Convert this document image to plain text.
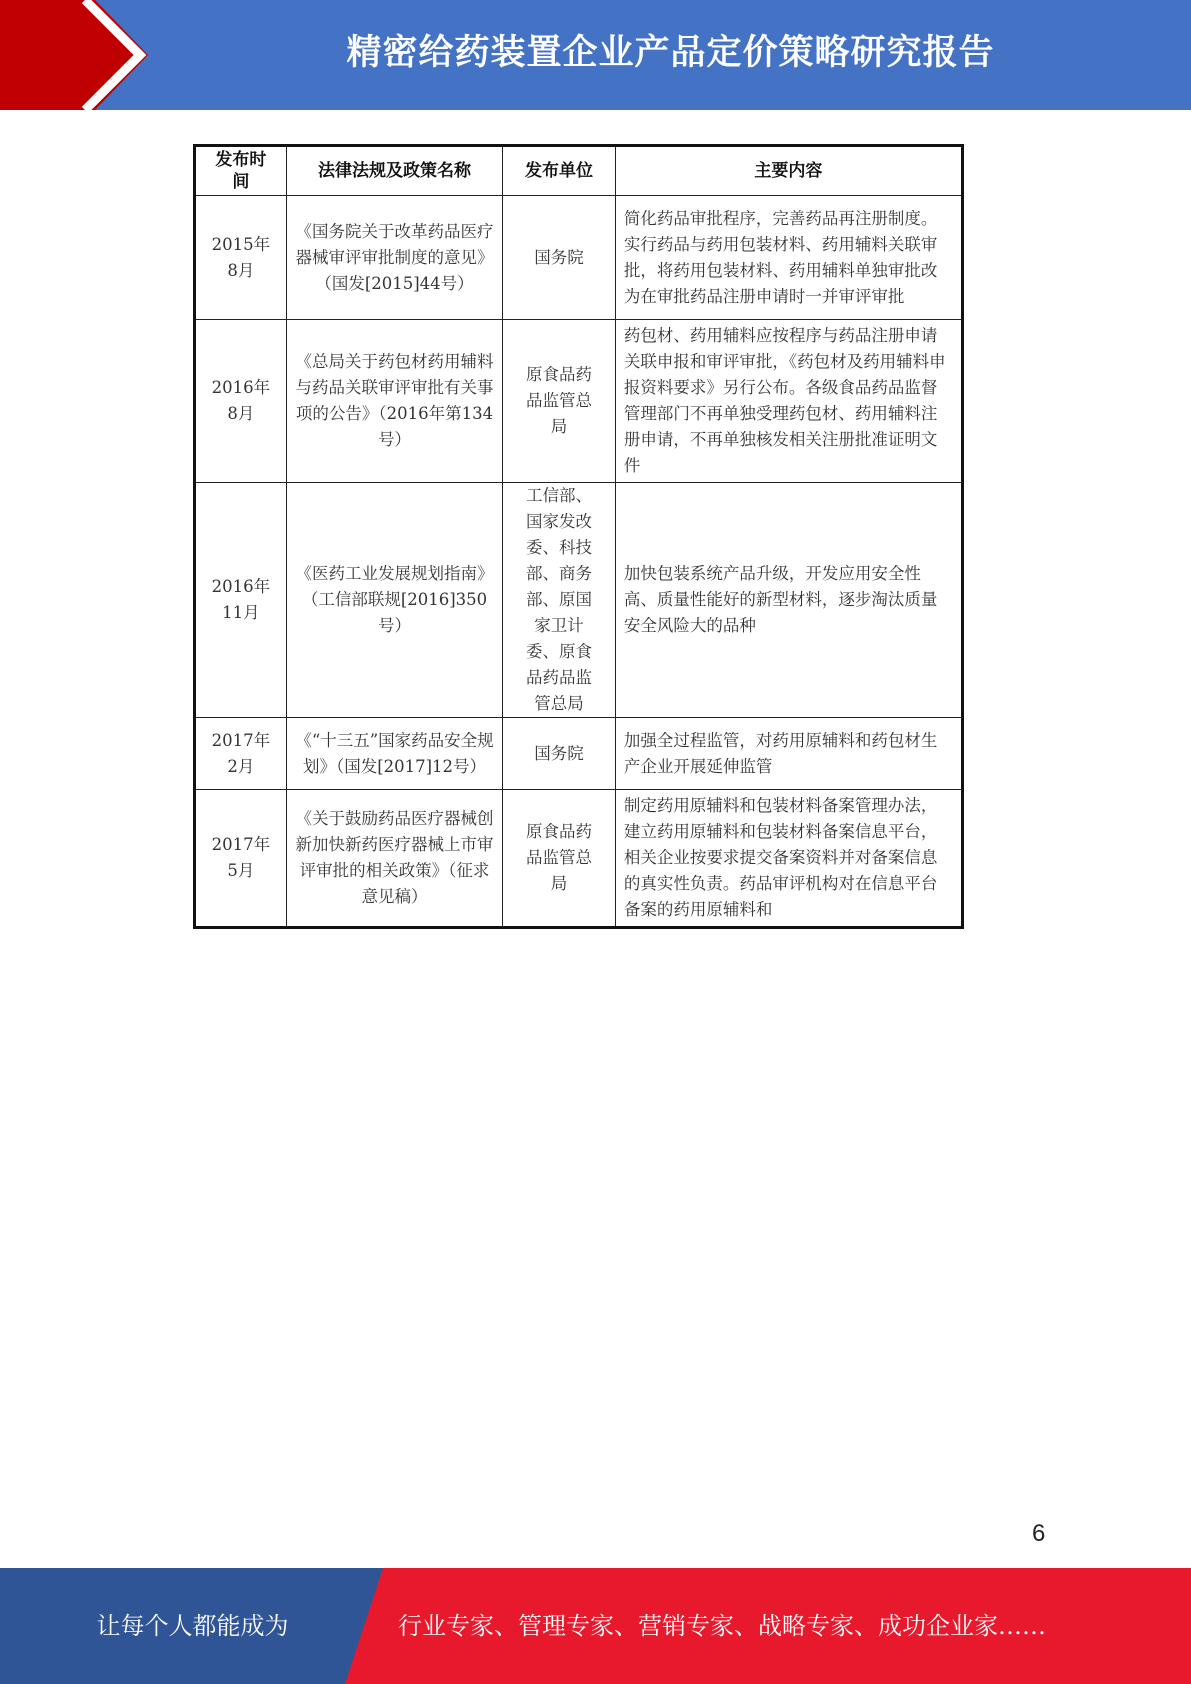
精密给药装置企业产品定价策略研究报告
发布时间	法律法规及政策名称	发布单位	主要内容
2015年8月	《国务院关于改革药品医疗器械审评审批制度的意见》（国发[2015]44号）	国务院	简化药品审批程序，完善药品再注册制度。实行药品与药用包装材料、药用辅料关联审批，将药用包装材料、药用辅料单独审批改为在审批药品注册申请时一并审评审批
2016年8月	《总局关于药包材药用辅料与药品关联审评审批有关事项的公告》（2016年第134号）	原食品药品监管总局	药包材、药用辅料应按程序与药品注册申请关联申报和审评审批，《药包材及药用辅料申报资料要求》另行公布。各级食品药品监督管理部门不再单独受理药包材、药用辅料注册申请，不再单独核发相关注册批准证明文件
2016年11月	《医药工业发展规划指南》（工信部联规[2016]350号）	工信部、国家发改委、科技部、商务部、原国家卫计委、原食品药品监管总局	加快包装系统产品升级，开发应用安全性高、质量性能好的新型材料，逐步淘汰质量安全风险大的品种
2017年2月	《“十三五”国家药品安全规划》（国发[2017]12号）	国务院	加强全过程监管，对药用原辅料和药包材生产企业开展延伸监管
2017年5月	《关于鼓励药品医疗器械创新加快新药医疗器械上市审评审批的相关政策》（征求意见稿）	原食品药品监管总局	制定药用原辅料和包装材料备案管理办法，建立药用原辅料和包装材料备案信息平台，相关企业按要求提交备案资料并对备案信息的真实性负责。药品审评机构对在信息平台备案的药用原辅料和
6
让每个人都能成为	行业专家、管理专家、营销专家、战略专家、成功企业家……
